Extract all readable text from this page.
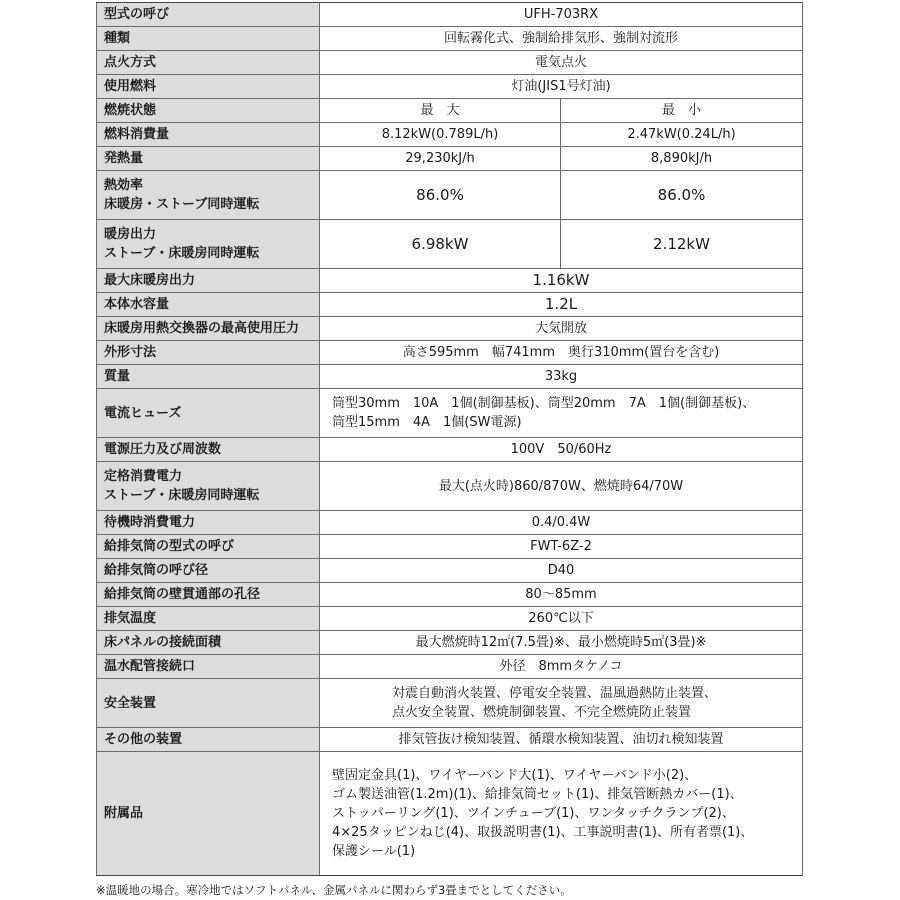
型式の呼び	UFH-703RX	
種類	回転霧化式、強制給排気形、強制対流形	
点火方式	電気点火	
使用燃料	灯油(JIS1号灯油)	
燃焼状態	最　大	最　小
燃料消費量	8.12kW(0.789L/h)	2.47kW(0.24L/h)
発熱量	29,230kJ/h	8,890kJ/h

熱効率
床暖房・ストーブ同時運転	86.0%	86.0%

暖房出力
ストーブ・床暖房同時運転	6.98kW	2.12kW
最大床暖房出力	1.16kW	
本体水容量	1.2L	
床暖房用熱交換器の最高使用圧力	大気開放	
外形寸法	高さ595mm　幅741mm　奥行310mm(置台を含む)	
質量	33kg	
電流ヒューズ	筒型30mm　10A　1個(制御基板)、筒型20mm　7A　1個(制御基板)、
筒型15mm　4A　1個(SW電源)	

電源圧力及び周波数	100V　50/60Hz	

定格消費電力
ストーブ・床暖房同時運転	最大(点火時)860/870W、燃焼時64/70W	
待機時消費電力	0.4/0.4W	
給排気筒の型式の呼び	FWT-6Z-2	
給排気筒の呼び径	D40	
給排気筒の壁貫通部の孔径	80〜85mm	
排気温度	260℃以下	
床パネルの接続面積	最大燃焼時12㎡(7.5畳)※、最小燃焼時5㎡(3畳)※	
温水配管接続口	外径　8mmタケノコ	
安全装置	対震自動消火装置、停電安全装置、温風過熱防止装置、
点火安全装置、燃焼制御装置、不完全燃焼防止装置	

その他の装置	排気管抜け検知装置、循環水検知装置、油切れ検知装置	
附属品	壁固定金具(1)、ワイヤーバンド大(1)、ワイヤーバンド小(2)、
ゴム製送油管(1.2m)(1)、給排気筒セット(1)、排気管断熱カバー(1)、
ストッパーリング(1)、ツインチューブ(1)、ワンタッチクランプ(2)、
4×25タッピンねじ(4)、取扱説明書(1)、工事説明書(1)、所有者票(1)、
保護シール(1)	
※温暖地の場合。寒冷地ではソフトパネル、金属パネルに関わらず3畳までとしてください。
